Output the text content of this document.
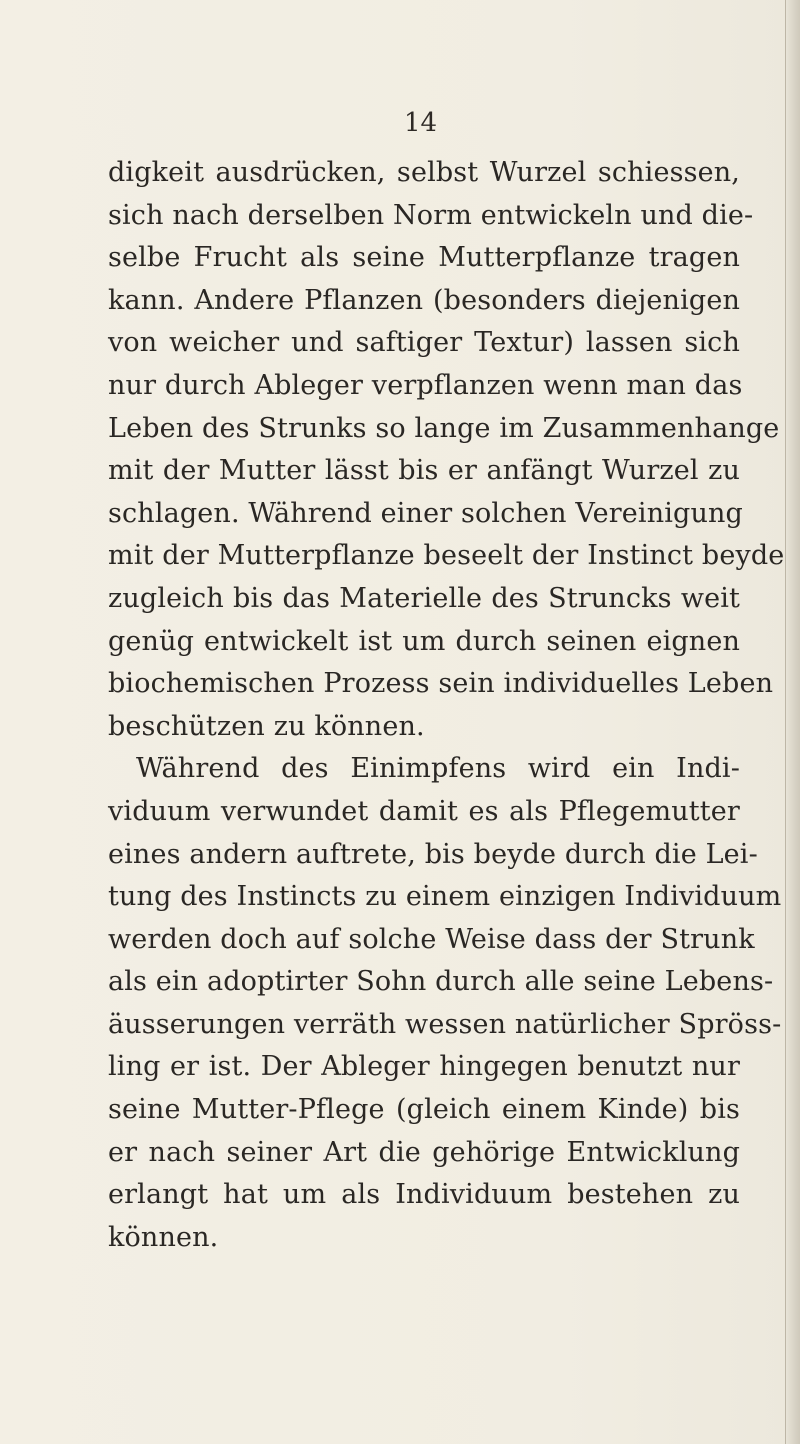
14
digkeit ausdrücken, selbst Wurzel schiessen,
sich nach derselben Norm entwickeln und die-
selbe Frucht als seine Mutterpflanze tragen
kann. Andere Pflanzen (besonders diejenigen
von weicher und saftiger Textur) lassen sich
nur durch Ableger verpflanzen wenn man das
Leben des Strunks so lange im Zusammenhange
mit der Mutter lässt bis er anfängt Wurzel zu
schlagen. Während einer solchen Vereinigung
mit der Mutterpflanze beseelt der Instinct beyde
zugleich bis das Materielle des Struncks weit
genüg entwickelt ist um durch seinen eignen
biochemischen Prozess sein individuelles Leben
beschützen zu können.
Während des Einimpfens wird ein Indi-
viduum verwundet damit es als Pflegemutter
eines andern auftrete, bis beyde durch die Lei-
tung des Instincts zu einem einzigen Individuum
werden doch auf solche Weise dass der Strunk
als ein adoptirter Sohn durch alle seine Lebens-
äusserungen verräth wessen natürlicher Spröss-
ling er ist. Der Ableger hingegen benutzt nur
seine Mutter-Pflege (gleich einem Kinde) bis
er nach seiner Art die gehörige Entwicklung
erlangt hat um als Individuum bestehen zu
können.
